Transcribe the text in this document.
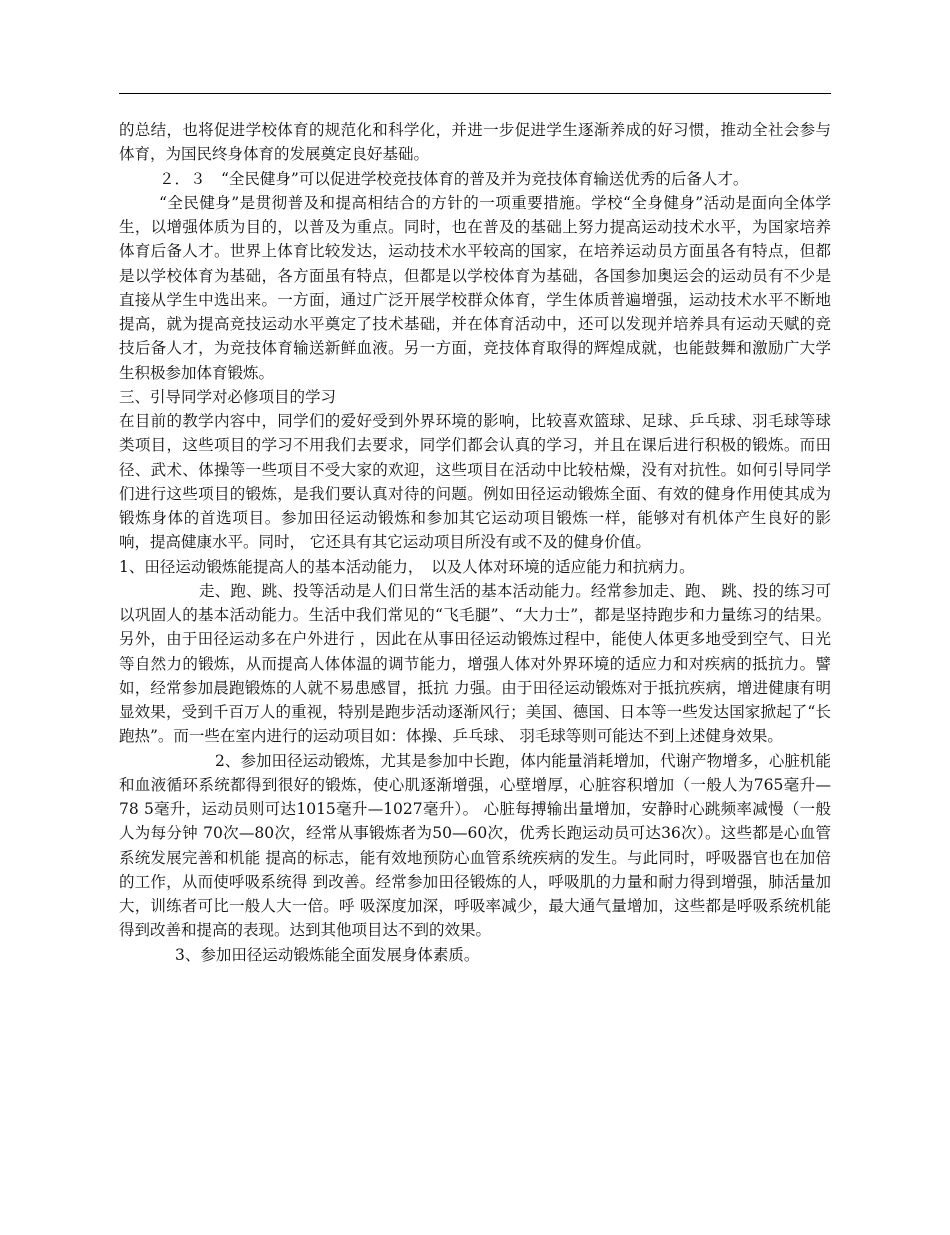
的总结，也将促进学校体育的规范化和科学化，并进一步促进学生逐渐养成的好习惯，推动全社会参与体育，为国民终身体育的发展奠定良好基础。

２．３　“全民健身”可以促进学校竞技体育的普及并为竞技体育输送优秀的后备人才。

“全民健身”是贯彻普及和提高相结合的方针的一项重要措施。学校“全身健身”活动是面向全体学生，以增强体质为目的，以普及为重点。同时，也在普及的基础上努力提高运动技术水平，为国家培养体育后备人才。世界上体育比较发达，运动技术水平较高的国家，在培养运动员方面虽各有特点，但都是以学校体育为基础，各方面虽有特点，但都是以学校体育为基础，各国参加奥运会的运动员有不少是直接从学生中选出来。一方面，通过广泛开展学校群众体育，学生体质普遍增强，运动技术水平不断地提高，就为提高竞技运动水平奠定了技术基础，并在体育活动中，还可以发现并培养具有运动天赋的竞技后备人才，为竞技体育输送新鲜血液。另一方面，竞技体育取得的辉煌成就，也能鼓舞和激励广大学生积极参加体育锻炼。

三、引导同学对必修项目的学习

在目前的教学内容中，同学们的爱好受到外界环境的影响，比较喜欢篮球、足球、乒乓球、羽毛球等球类项目，这些项目的学习不用我们去要求，同学们都会认真的学习，并且在课后进行积极的锻炼。而田径、武术、体操等一些项目不受大家的欢迎，这些项目在活动中比较枯燥，没有对抗性。如何引导同学们进行这些项目的锻炼，是我们要认真对待的问题。例如田径运动锻炼全面、有效的健身作用使其成为锻炼身体的首选项目。参加田径运动锻炼和参加其它运动项目锻炼一样，能够对有机体产生良好的影响，提高健康水平。同时， 它还具有其它运动项目所没有或不及的健身价值。

1、田径运动锻炼能提高人的基本活动能力，　以及人体对环境的适应能力和抗病力。

走、跑、跳、投等活动是人们日常生活的基本活动能力。经常参加走、跑、 跳、投的练习可以巩固人的基本活动能力。生活中我们常见的“飞毛腿”、“大力士”，都是坚持跑步和力量练习的结果。另外，由于田径运动多在户外进行 ，因此在从事田径运动锻炼过程中，能使人体更多地受到空气、日光等自然力的锻炼，从而提高人体体温的调节能力，增强人体对外界环境的适应力和对疾病的抵抗力。譬如，经常参加晨跑锻炼的人就不易患感冒，抵抗 力强。由于田径运动锻炼对于抵抗疾病，增进健康有明显效果，受到千百万人的重视，特别是跑步活动逐渐风行；美国、德国、日本等一些发达国家掀起了“长跑热”。而一些在室内进行的运动项目如：体操、乒乓球、 羽毛球等则可能达不到上述健身效果。

2、参加田径运动锻炼，尤其是参加中长跑，体内能量消耗增加，代谢产物增多，心脏机能和血液循环系统都得到很好的锻炼，使心肌逐渐增强，心壁增厚，心脏容积增加（一般人为765毫升—78 5毫升，运动员则可达1015毫升—1027毫升）。 心脏每搏输出量增加，安静时心跳频率减慢（一般人为每分钟 70次—80次，经常从事锻炼者为50—60次，优秀长跑运动员可达36次）。这些都是心血管系统发展完善和机能 提高的标志，能有效地预防心血管系统疾病的发生。与此同时，呼吸器官也在加倍的工作，从而使呼吸系统得 到改善。经常参加田径锻炼的人，呼吸肌的力量和耐力得到增强，肺活量加大，训练者可比一般人大一倍。呼 吸深度加深，呼吸率减少，最大通气量增加，这些都是呼吸系统机能得到改善和提高的表现。达到其他项目达不到的效果。

3、参加田径运动锻炼能全面发展身体素质。
